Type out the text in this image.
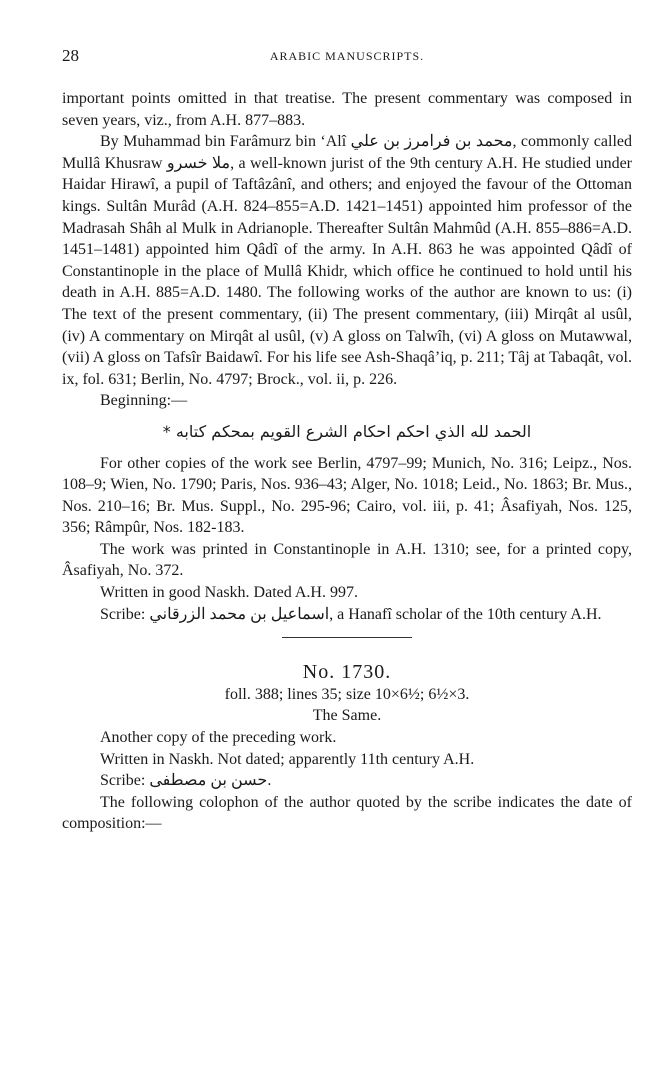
28	ARABIC MANUSCRIPTS.

important points omitted in that treatise. The present commentary was composed in seven years, viz., from A.H. 877–883.

By Muhammad bin Farâmurz bin ‘Alî محمد بن فرامرز بن علي, commonly called Mullâ Khusraw ملا خسرو, a well-known jurist of the 9th century A.H. He studied under Haidar Hirawî, a pupil of Taftâzânî, and others; and enjoyed the favour of the Ottoman kings. Sultân Murâd (A.H. 824–855=A.D. 1421–1451) appointed him professor of the Madrasah Shâh al Mulk in Adrianople. Thereafter Sultân Mahmûd (A.H. 855–886=A.D. 1451–1481) appointed him Qâdî of the army. In A.H. 863 he was appointed Qâdî of Constantinople in the place of Mullâ Khidr, which office he continued to hold until his death in A.H. 885=A.D. 1480. The following works of the author are known to us: (i) The text of the present commentary, (ii) The present commentary, (iii) Mirqât al usûl, (iv) A commentary on Mirqât al usûl, (v) A gloss on Talwîh, (vi) A gloss on Mutawwal, (vii) A gloss on Tafsîr Baidawî. For his life see Ash-Shaqâ’iq, p. 211; Tâj at Tabaqât, vol. ix, fol. 631; Berlin, No. 4797; Brock., vol. ii, p. 226.

Beginning:—

الحمد لله الذي احكم احكام الشرع القويم بمحكم كتابه *

For other copies of the work see Berlin, 4797–99; Munich, No. 316; Leipz., Nos. 108–9; Wien, No. 1790; Paris, Nos. 936–43; Alger, No. 1018; Leid., No. 1863; Br. Mus., Nos. 210–16; Br. Mus. Suppl., No. 295-96; Cairo, vol. iii, p. 41; Âsafiyah, Nos. 125, 356; Râmpûr, Nos. 182-183.

The work was printed in Constantinople in A.H. 1310; see, for a printed copy, Âsafiyah, No. 372.

Written in good Naskh. Dated A.H. 997.

Scribe: اسماعيل بن محمد الزرقاني, a Hanafî scholar of the 10th century A.H.

No. 1730.

foll. 388; lines 35; size 10×6½; 6½×3.

The Same.

Another copy of the preceding work.

Written in Naskh. Not dated; apparently 11th century A.H.

Scribe: حسن بن مصطفى.

The following colophon of the author quoted by the scribe indicates the date of composition:—
